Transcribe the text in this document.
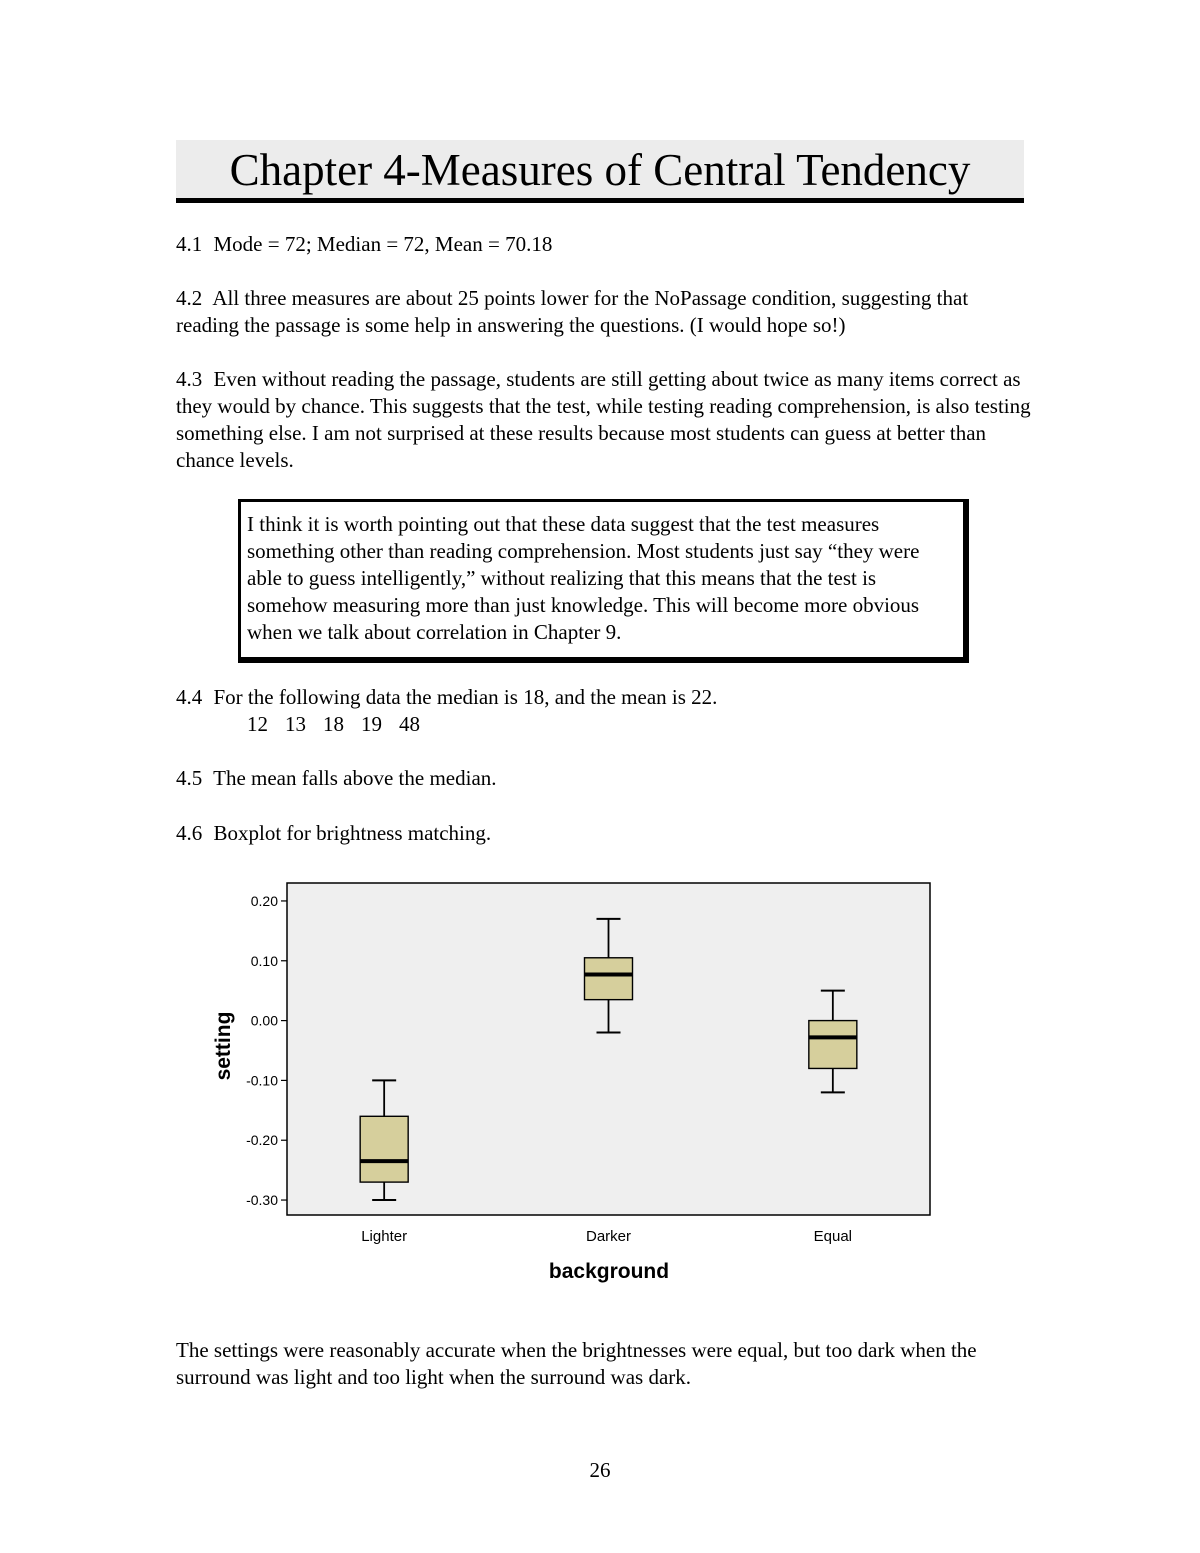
Chapter 4-Measures of Central Tendency

4.1 Mode = 72; Median = 72, Mean = 70.18

4.2 All three measures are about 25 points lower for the NoPassage condition, suggesting that reading the passage is some help in answering the questions. (I would hope so!)

4.3 Even without reading the passage, students are still getting about twice as many items correct as they would by chance. This suggests that the test, while testing reading comprehension, is also testing something else. I am not surprised at these results because most students can guess at better than chance levels.

I think it is worth pointing out that these data suggest that the test measures something other than reading comprehension. Most students just say “they were able to guess intelligently,” without realizing that this means that the test is somehow measuring more than just knowledge. This will become more obvious when we talk about correlation in Chapter 9.

4.4 For the following data the median is 18, and the mean is 22.

12 13 18 19 48

4.5 The mean falls above the median.

4.6 Boxplot for brightness matching.

0.20
0.10
0.00
-0.10
-0.20
-0.30
Lighter	Darker	Equal
setting
background

The settings were reasonably accurate when the brightnesses were equal, but too dark when the surround was light and too light when the surround was dark.

26
